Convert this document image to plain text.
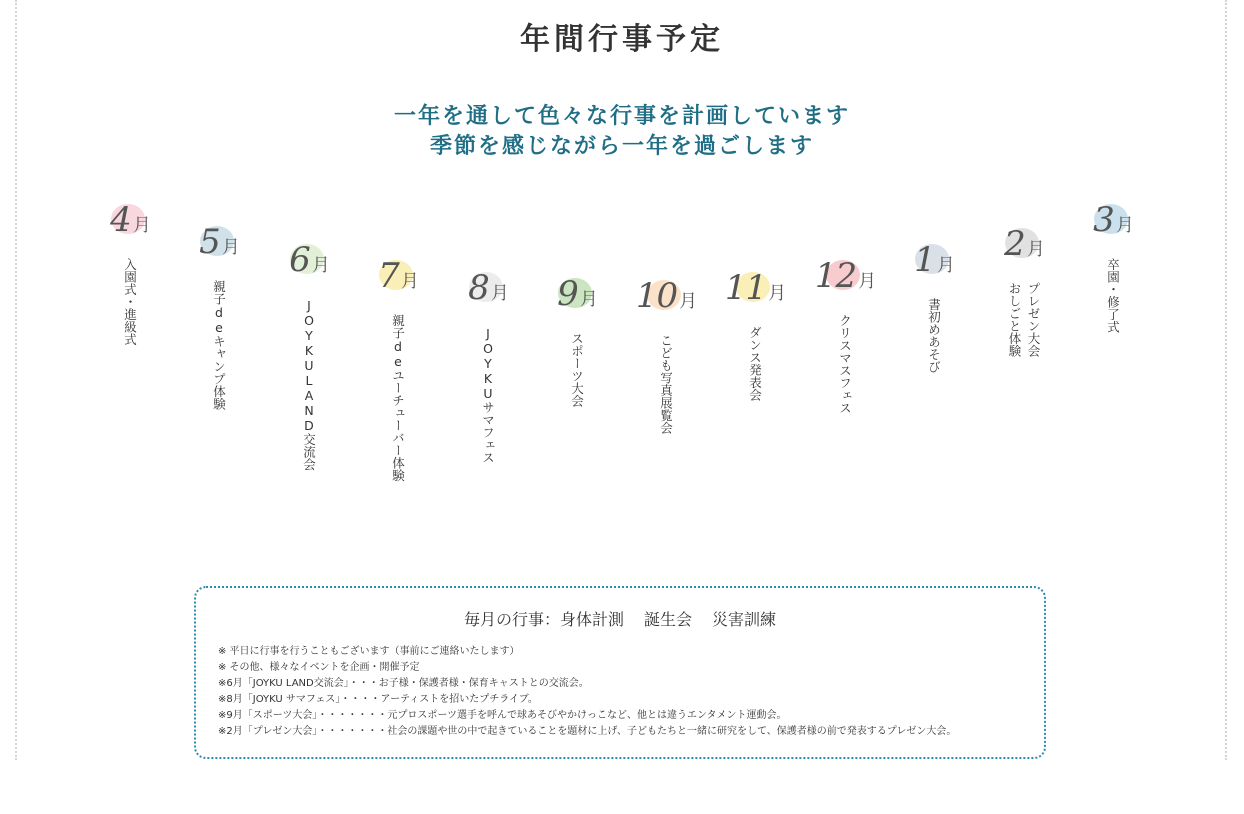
年間行事予定
一年を通して色々な行事を計画しています
季節を感じながら一年を過ごします
4 月
入園式・進級式
5 月
親子deキャンプ体験
6 月
JOYKULAND交流会
7 月
親子deユーチューバー体験
8 月
JOYKUサマフェス
9 月
スポーツ大会
10 月
こども写真展覧会
11 月
ダンス発表会
12 月
クリスマスフェス
1 月
書初めあそび
2 月
プレゼン大会
おしごと体験
3 月
卒園・修了式
毎月の行事：身体計測 誕生会 災害訓練
※ 平日に行事を行うこともございます（事前にご連絡いたします）
※ その他、様々なイベントを企画・開催予定
※6月「JOYKU LAND交流会」・・・お子様・保護者様・保育キャストとの交流会。
※8月「JOYKU サマフェス」・・・・アーティストを招いたプチライブ。
※9月「スポーツ大会」・・・・・・・元プロスポーツ選手を呼んで球あそびやかけっこなど、他とは違うエンタメント運動会。
※2月「プレゼン大会」・・・・・・・社会の課題や世の中で起きていることを題材に上げ、子どもたちと一緒に研究をして、保護者様の前で発表するプレゼン大会。
